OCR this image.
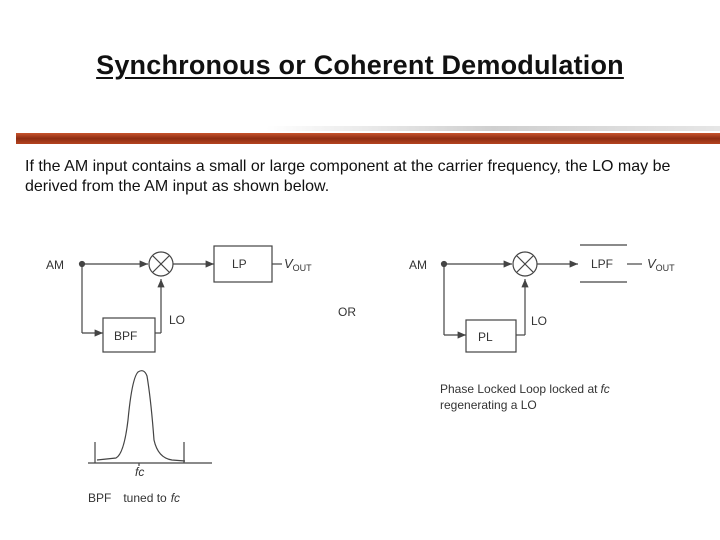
Synchronous or Coherent Demodulation
If the AM input contains a small or large component at the carrier frequency, the LO may be derived from the AM input as shown below.
AM	LP	$V_{OUT}$
LO
BPF
fc
BPF tuned to fc
OR
AM	LPF	$V_{OUT}$
LO
PL
Phase Locked Loop locked at fc
regenerating a LO
